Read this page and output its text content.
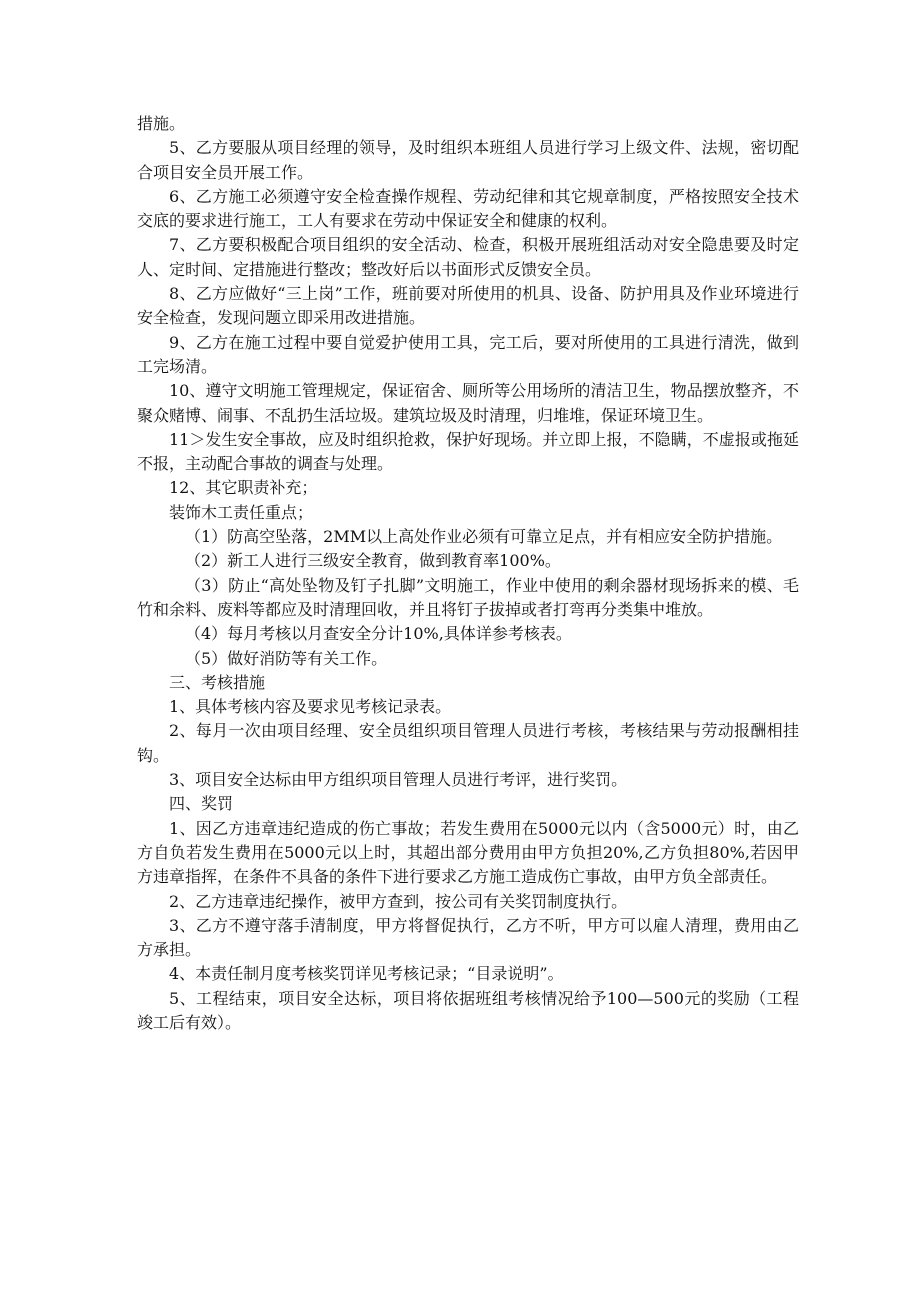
措施。

5、乙方要服从项目经理的领导，及时组织本班组人员进行学习上级文件、法规，密切配合项目安全员开展工作。

6、乙方施工必须遵守安全检查操作规程、劳动纪律和其它规章制度，严格按照安全技术交底的要求进行施工，工人有要求在劳动中保证安全和健康的权利。

7、乙方要积极配合项目组织的安全活动、检查，积极开展班组活动对安全隐患要及时定人、定时间、定措施进行整改；整改好后以书面形式反馈安全员。

8、乙方应做好“三上岗”工作，班前要对所使用的机具、设备、防护用具及作业环境进行安全检查，发现问题立即采用改进措施。

9、乙方在施工过程中要自觉爱护使用工具，完工后，要对所使用的工具进行清洗，做到工完场清。

10、遵守文明施工管理规定，保证宿舍、厕所等公用场所的清洁卫生，物品摆放整齐，不聚众赌博、闹事、不乱扔生活垃圾。建筑垃圾及时清理，归堆堆，保证环境卫生。

11＞发生安全事故，应及时组织抢救，保护好现场。并立即上报，不隐瞒，不虚报或拖延不报，主动配合事故的调查与处理。

12、其它职责补充；

装饰木工责任重点；

（1）防高空坠落，2MM以上高处作业必须有可靠立足点，并有相应安全防护措施。

（2）新工人进行三级安全教育，做到教育率100%。

（3）防止“高处坠物及钉子扎脚”文明施工，作业中使用的剩余器材现场拆来的模、毛竹和余料、废料等都应及时清理回收，并且将钉子拔掉或者打弯再分类集中堆放。

（4）每月考核以月查安全分计10%,具体详参考核表。

（5）做好消防等有关工作。

三、考核措施

1、具体考核内容及要求见考核记录表。

2、每月一次由项目经理、安全员组织项目管理人员进行考核，考核结果与劳动报酬相挂钩。

3、项目安全达标由甲方组织项目管理人员进行考评，进行奖罚。

四、奖罚

1、因乙方违章违纪造成的伤亡事故；若发生费用在5000元以内（含5000元）时，由乙方自负若发生费用在5000元以上时，其超出部分费用由甲方负担20%,乙方负担80%,若因甲方违章指挥，在条件不具备的条件下进行要求乙方施工造成伤亡事故，由甲方负全部责任。

2、乙方违章违纪操作，被甲方查到，按公司有关奖罚制度执行。

3、乙方不遵守落手清制度，甲方将督促执行，乙方不听，甲方可以雇人清理，费用由乙方承担。

4、本责任制月度考核奖罚详见考核记录；“目录说明”。

5、工程结束，项目安全达标，项目将依据班组考核情况给予100—500元的奖励（工程竣工后有效）。
